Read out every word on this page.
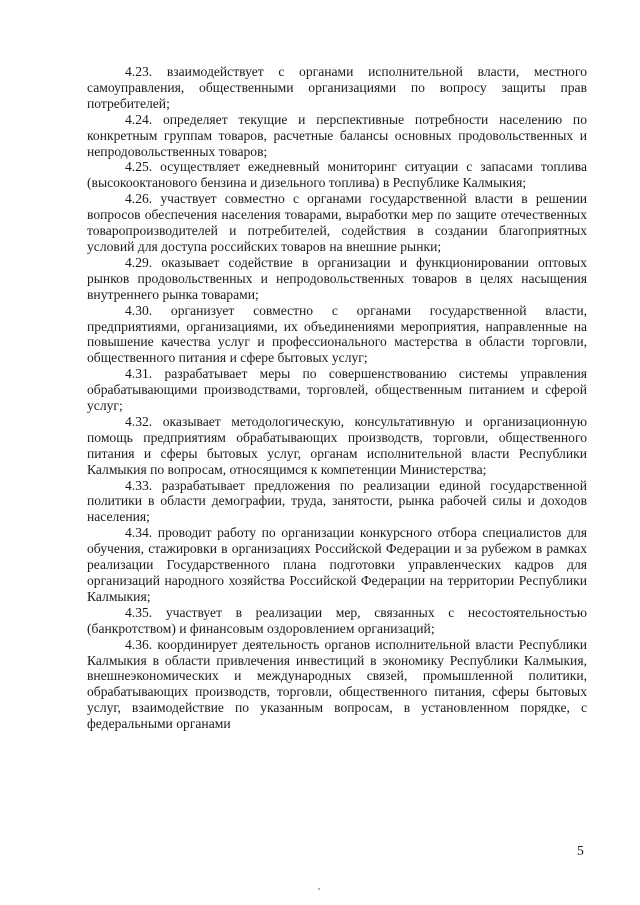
4.23. взаимодействует с органами исполнительной власти, местного самоуправления, общественными организациями по вопросу защиты прав потребителей;

4.24. определяет текущие и перспективные потребности населению по конкретным группам товаров, расчетные балансы основных продовольственных и непродовольственных товаров;

4.25. осуществляет ежедневный мониторинг ситуации с запасами топлива (высокооктанового бензина и дизельного топлива) в Республике Калмыкия;

4.26. участвует совместно с органами государственной власти в решении вопросов обеспечения населения товарами, выработки мер по защите отечественных товаропроизводителей и потребителей, содействия в создании благоприятных условий для доступа российских товаров на внешние рынки;

4.29. оказывает содействие в организации и функционировании оптовых рынков продовольственных и непродовольственных товаров в целях насыщения внутреннего рынка товарами;

4.30. организует совместно с органами государственной власти, предприятиями, организациями, их объединениями мероприятия, направленные на повышение качества услуг и профессионального мастерства в области торговли, общественного питания и сфере бытовых услуг;

4.31. разрабатывает меры по совершенствованию системы управления обрабатывающими производствами, торговлей, общественным питанием и сферой услуг;

4.32. оказывает методологическую, консультативную и организационную помощь предприятиям обрабатывающих производств, торговли, общественного питания и сферы бытовых услуг, органам исполнительной власти Республики Калмыкия по вопросам, относящимся к компетенции Министерства;

4.33. разрабатывает предложения по реализации единой государственной политики в области демографии, труда, занятости, рынка рабочей силы и доходов населения;

4.34. проводит работу по организации конкурсного отбора специалистов для обучения, стажировки в организациях Российской Федерации и за рубежом в рамках реализации Государственного плана подготовки управленческих кадров для организаций народного хозяйства Российской Федерации на территории Республики Калмыкия;

4.35. участвует в реализации мер, связанных с несостоятельностью (банкротством) и финансовым оздоровлением организаций;

4.36. координирует деятельность органов исполнительной власти Республики Калмыкия в области привлечения инвестиций в экономику Республики Калмыкия, внешнеэкономических и международных связей, промышленной политики, обрабатывающих производств, торговли, общественного питания, сферы бытовых услуг, взаимодействие по указанным вопросам, в установленном порядке, с федеральными органами

5
